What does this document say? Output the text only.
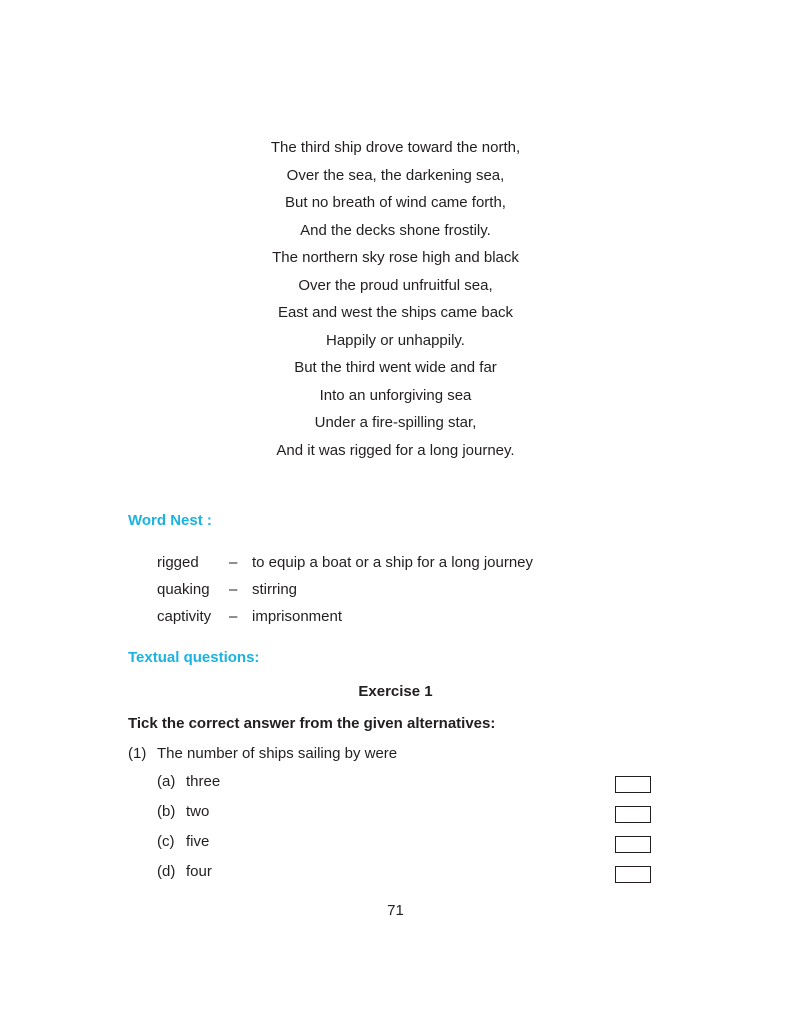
The third ship drove toward the north,
Over the sea, the darkening sea,
But no breath of wind came forth,
And the decks shone frostily.
The northern sky rose high and black
Over the proud unfruitful sea,
East and west the ships came back
Happily or unhappily.
But the third went wide and far
Into an unforgiving sea
Under a fire-spilling star,
And it was rigged for a long journey.
Word Nest :
rigged – to equip a boat or a ship for a long journey
quaking – stirring
captivity – imprisonment
Textual questions:
Exercise 1
Tick the correct answer from the given alternatives:
(1) The number of ships sailing by were
(a) three
(b) two
(c) five
(d) four
71
